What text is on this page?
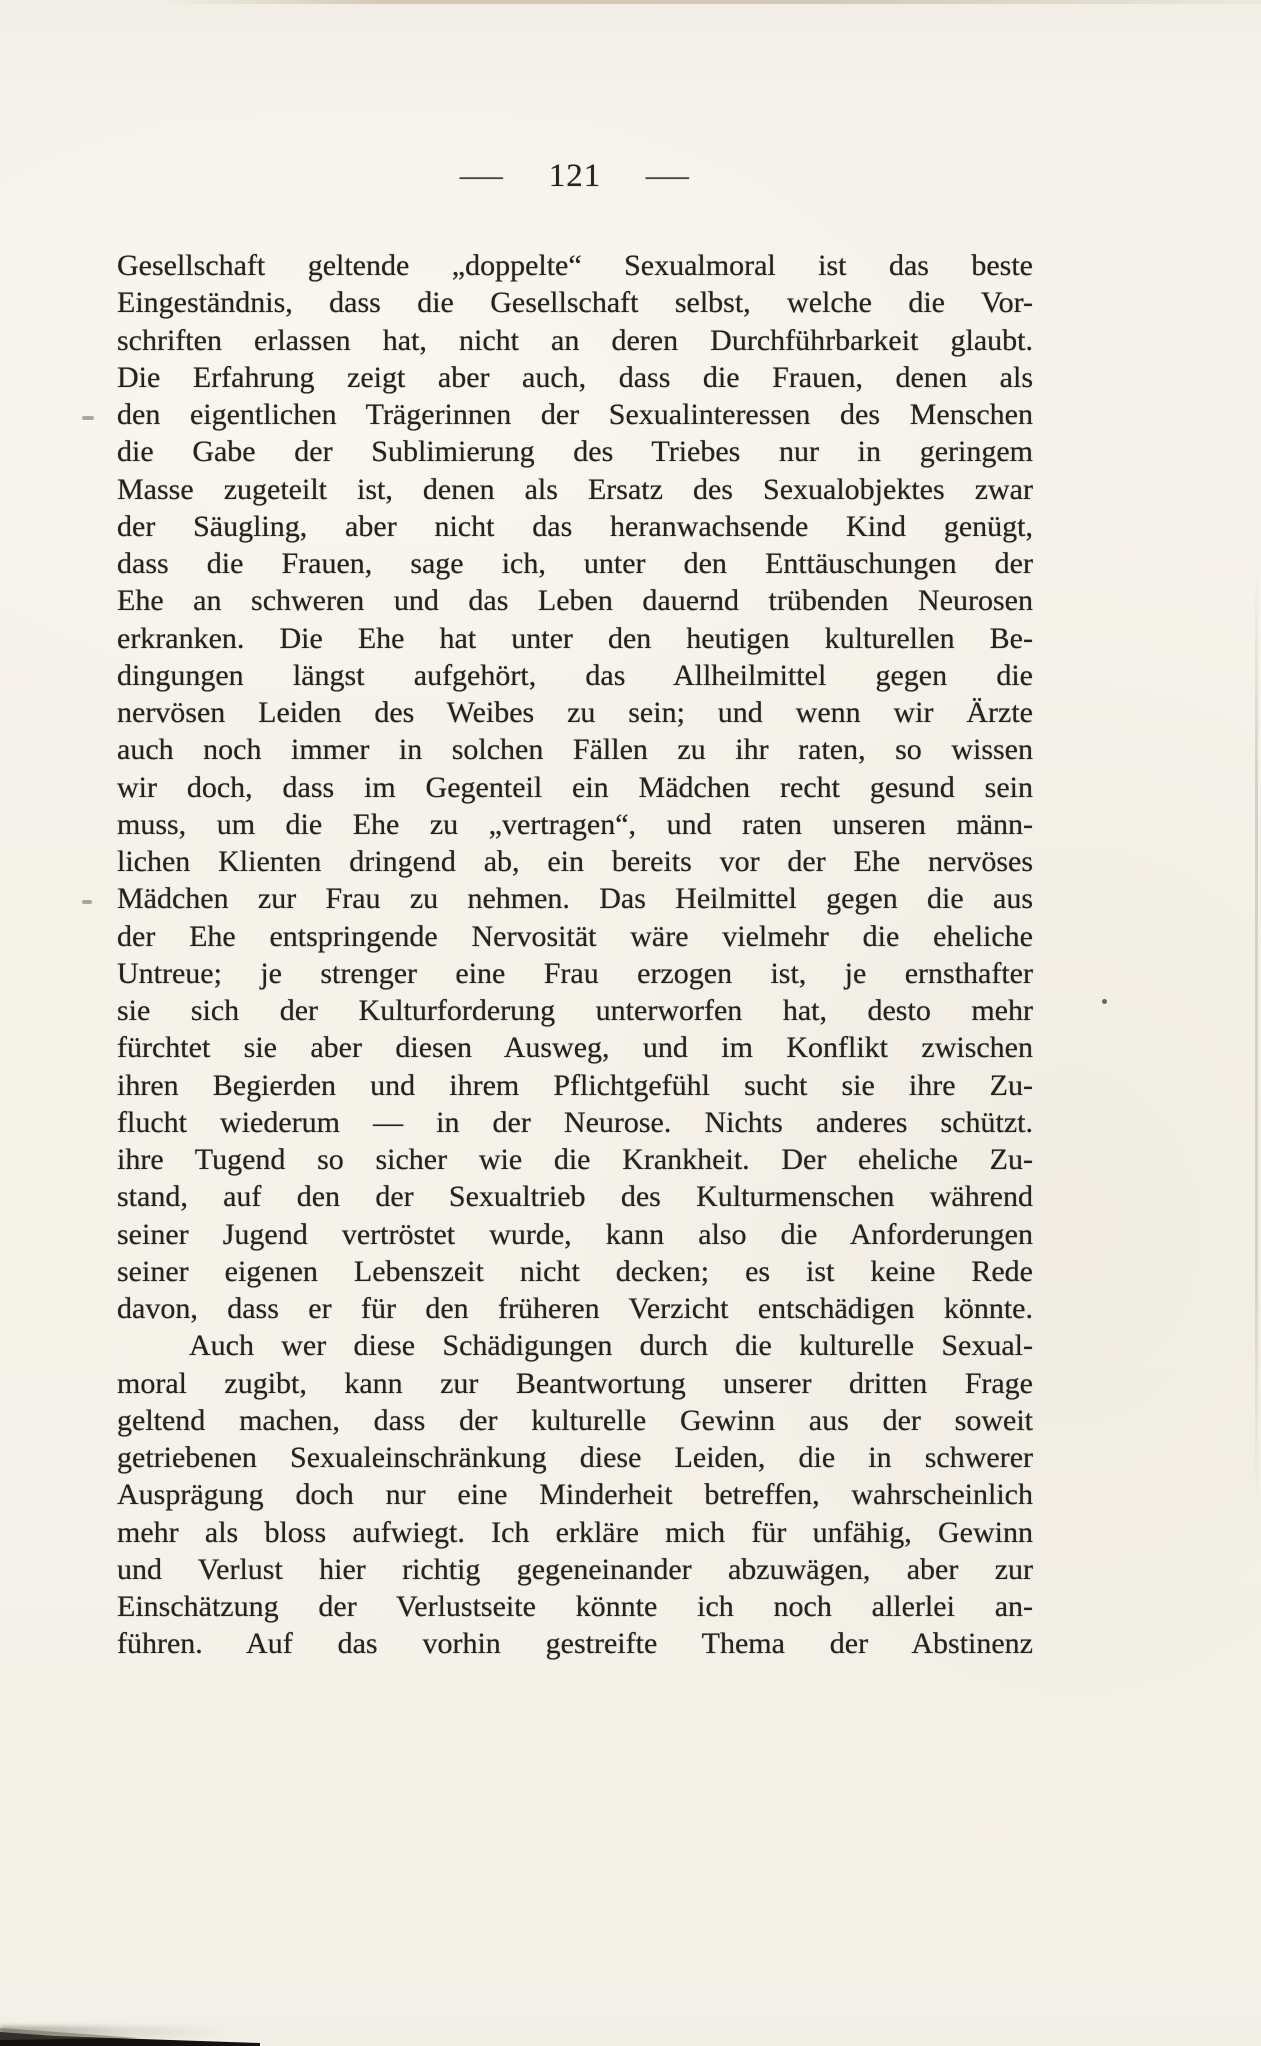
— 121 —
Gesellschaft geltende „doppelte“ Sexualmoral ist das beste
Eingeständnis, dass die Gesellschaft selbst, welche die Vor-
schriften erlassen hat, nicht an deren Durchführbarkeit glaubt.
Die Erfahrung zeigt aber auch, dass die Frauen, denen als
den eigentlichen Trägerinnen der Sexualinteressen des Menschen
die Gabe der Sublimierung des Triebes nur in geringem
Masse zugeteilt ist, denen als Ersatz des Sexualobjektes zwar
der Säugling, aber nicht das heranwachsende Kind genügt,
dass die Frauen, sage ich, unter den Enttäuschungen der
Ehe an schweren und das Leben dauernd trübenden Neurosen
erkranken. Die Ehe hat unter den heutigen kulturellen Be-
dingungen längst aufgehört, das Allheilmittel gegen die
nervösen Leiden des Weibes zu sein; und wenn wir Ärzte
auch noch immer in solchen Fällen zu ihr raten, so wissen
wir doch, dass im Gegenteil ein Mädchen recht gesund sein
muss, um die Ehe zu „vertragen“, und raten unseren männ-
lichen Klienten dringend ab, ein bereits vor der Ehe nervöses
Mädchen zur Frau zu nehmen. Das Heilmittel gegen die aus
der Ehe entspringende Nervosität wäre vielmehr die eheliche
Untreue; je strenger eine Frau erzogen ist, je ernsthafter
sie sich der Kulturforderung unterworfen hat, desto mehr
fürchtet sie aber diesen Ausweg, und im Konflikt zwischen
ihren Begierden und ihrem Pflichtgefühl sucht sie ihre Zu-
flucht wiederum — in der Neurose. Nichts anderes schützt.
ihre Tugend so sicher wie die Krankheit. Der eheliche Zu-
stand, auf den der Sexualtrieb des Kulturmenschen während
seiner Jugend vertröstet wurde, kann also die Anforderungen
seiner eigenen Lebenszeit nicht decken; es ist keine Rede
davon, dass er für den früheren Verzicht entschädigen könnte.
Auch wer diese Schädigungen durch die kulturelle Sexual-
moral zugibt, kann zur Beantwortung unserer dritten Frage
geltend machen, dass der kulturelle Gewinn aus der soweit
getriebenen Sexualeinschränkung diese Leiden, die in schwerer
Ausprägung doch nur eine Minderheit betreffen, wahrscheinlich
mehr als bloss aufwiegt. Ich erkläre mich für unfähig, Gewinn
und Verlust hier richtig gegeneinander abzuwägen, aber zur
Einschätzung der Verlustseite könnte ich noch allerlei an-
führen. Auf das vorhin gestreifte Thema der Abstinenz
